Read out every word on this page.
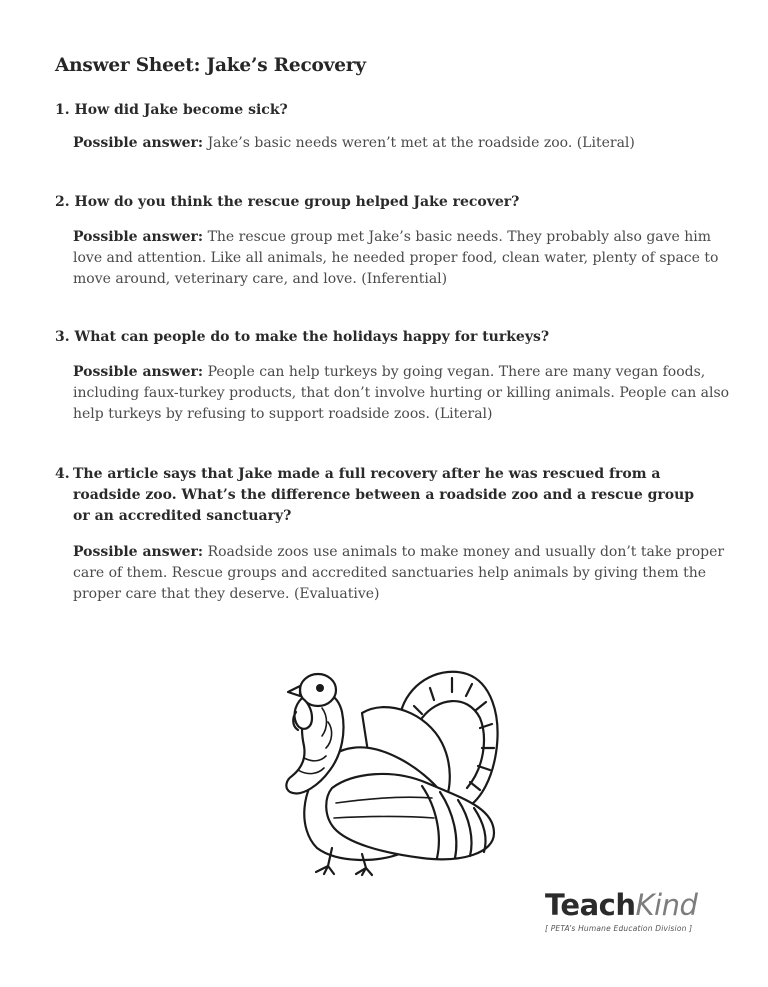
Answer Sheet: Jake’s Recovery

1. How did Jake become sick?

Possible answer: Jake’s basic needs weren’t met at the roadside zoo. (Literal)

2. How do you think the rescue group helped Jake recover?

Possible answer: The rescue group met Jake’s basic needs. They probably also gave him love and attention. Like all animals, he needed proper food, clean water, plenty of space to move around, veterinary care, and love. (Inferential)

3. What can people do to make the holidays happy for turkeys?

Possible answer: People can help turkeys by going vegan. There are many vegan foods, including faux-turkey products, that don’t involve hurting or killing animals. People can also help turkeys by refusing to support roadside zoos. (Literal)

4. The article says that Jake made a full recovery after he was rescued from a roadside zoo. What’s the difference between a roadside zoo and a rescue group or an accredited sanctuary?

Possible answer: Roadside zoos use animals to make money and usually don’t take proper care of them. Rescue groups and accredited sanctuaries help animals by giving them the proper care that they deserve. (Evaluative)

TeachKind
[ PETA’s Humane Education Division ]
